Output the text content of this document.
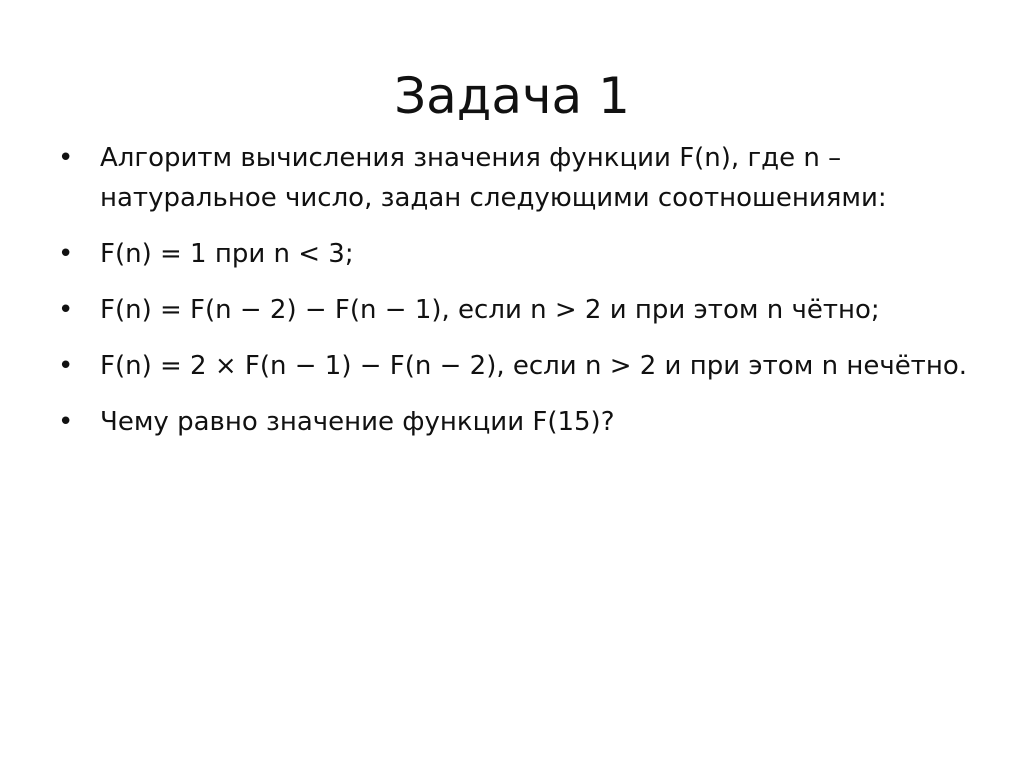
Задача 1
• Алгоритм вычисления значения функции F(n), где n –
натуральное число, задан следующими соотношениями:
• F(n) = 1 при n < 3;
• F(n) = F(n − 2) − F(n − 1), если n > 2 и при этом n чётно;
• F(n) = 2 × F(n − 1) − F(n − 2), если n > 2 и при этом n нечётно.
• Чему равно значение функции F(15)?
